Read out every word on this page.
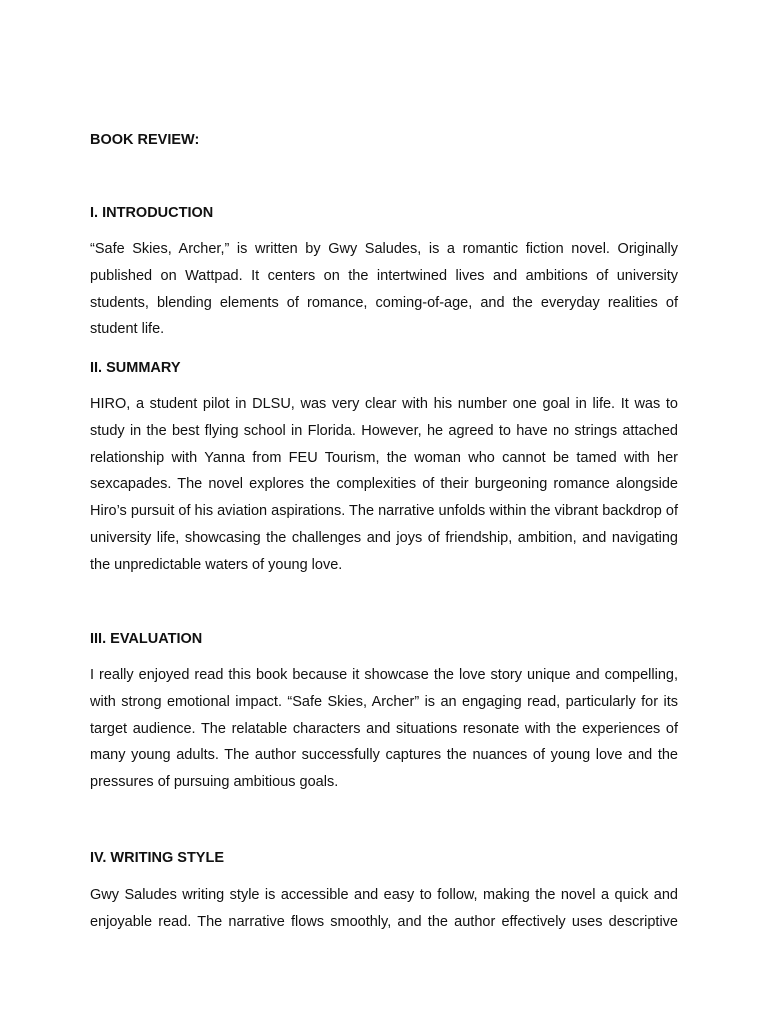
BOOK REVIEW:
I. INTRODUCTION

“Safe Skies, Archer,” is written by Gwy Saludes, is a romantic fiction novel. Originally published on Wattpad. It centers on the intertwined lives and ambitions of university students, blending elements of romance, coming-of-age, and the everyday realities of student life.

II. SUMMARY

HIRO, a student pilot in DLSU, was very clear with his number one goal in life. It was to study in the best flying school in Florida. However, he agreed to have no strings attached relationship with Yanna from FEU Tourism, the woman who cannot be tamed with her sexcapades. The novel explores the complexities of their burgeoning romance alongside Hiro’s pursuit of his aviation aspirations. The narrative unfolds within the vibrant backdrop of university life, showcasing the challenges and joys of friendship, ambition, and navigating the unpredictable waters of young love.

III. EVALUATION

I really enjoyed read this book because it showcase the love story unique and compelling, with strong emotional impact. “Safe Skies, Archer” is an engaging read, particularly for its target audience. The relatable characters and situations resonate with the experiences of many young adults. The author successfully captures the nuances of young love and the pressures of pursuing ambitious goals.

IV. WRITING STYLE

Gwy Saludes writing style is accessible and easy to follow, making the novel a quick and enjoyable read. The narrative flows smoothly, and the author effectively uses descriptive
